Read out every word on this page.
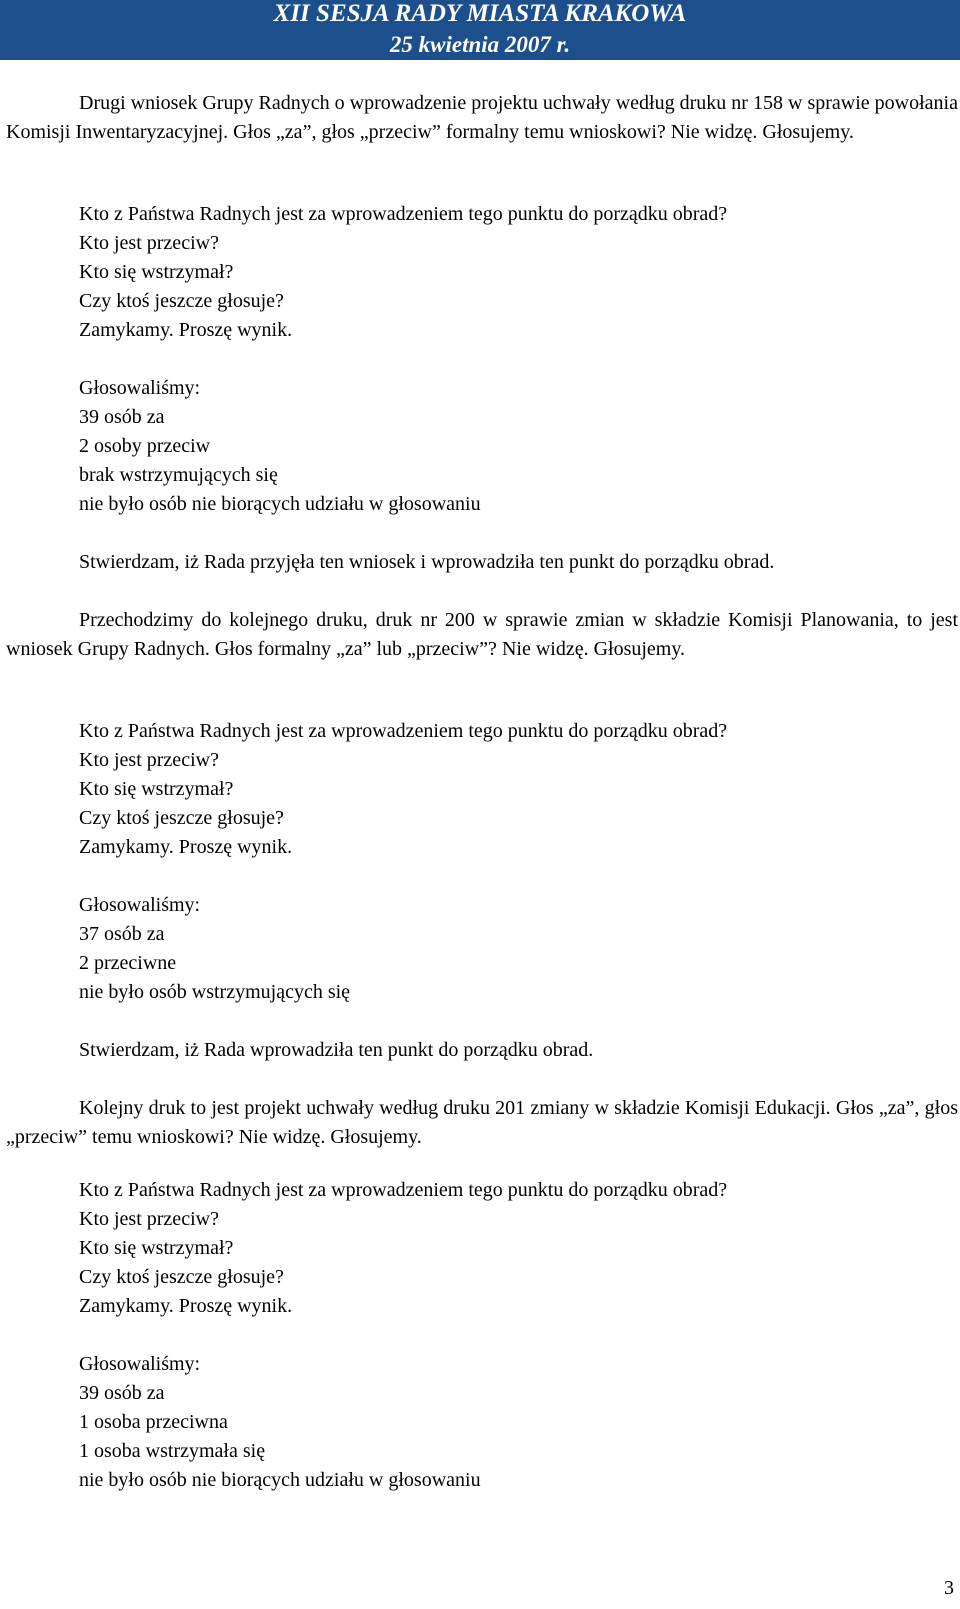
XII SESJA RADY MIASTA KRAKOWA
25 kwietnia 2007 r.
Drugi wniosek Grupy Radnych o wprowadzenie projektu uchwały według druku nr 158 w sprawie powołania Komisji Inwentaryzacyjnej. Głos „za”, głos „przeciw” formalny temu wnioskowi? Nie widzę. Głosujemy.
Kto z Państwa Radnych jest za wprowadzeniem tego punktu do porządku obrad?
Kto jest przeciw?
Kto się wstrzymał?
Czy ktoś jeszcze głosuje?
Zamykamy. Proszę wynik.
Głosowaliśmy:
39 osób za
2 osoby przeciw
brak wstrzymujących się
nie było osób nie biorących udziału w głosowaniu
Stwierdzam, iż Rada przyjęła ten wniosek i wprowadziła ten punkt do porządku obrad.
Przechodzimy do kolejnego druku, druk nr 200 w sprawie zmian w składzie Komisji Planowania, to jest wniosek Grupy Radnych. Głos formalny „za” lub „przeciw”? Nie widzę. Głosujemy.
Kto z Państwa Radnych jest za wprowadzeniem tego punktu do porządku obrad?
Kto jest przeciw?
Kto się wstrzymał?
Czy ktoś jeszcze głosuje?
Zamykamy. Proszę wynik.
Głosowaliśmy:
37 osób za
2 przeciwne
nie było osób wstrzymujących się
Stwierdzam, iż Rada wprowadziła ten punkt do porządku obrad.
Kolejny druk to jest projekt uchwały według druku 201 zmiany w składzie Komisji Edukacji. Głos „za”, głos „przeciw” temu wnioskowi? Nie widzę. Głosujemy.
Kto z Państwa Radnych jest za wprowadzeniem tego punktu do porządku obrad?
Kto jest przeciw?
Kto się wstrzymał?
Czy ktoś jeszcze głosuje?
Zamykamy. Proszę wynik.
Głosowaliśmy:
39 osób za
1 osoba przeciwna
1 osoba wstrzymała się
nie było osób nie biorących udziału w głosowaniu
3
